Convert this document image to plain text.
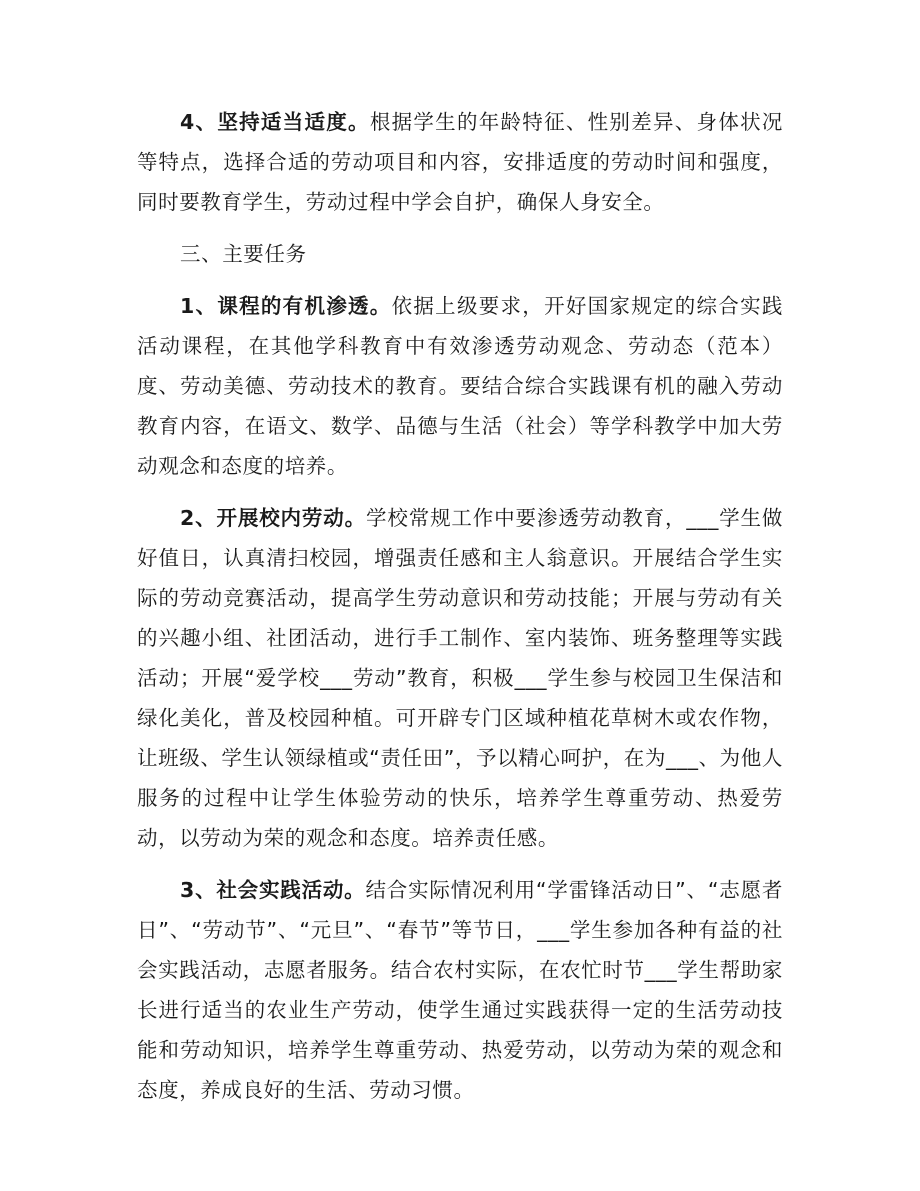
4、坚持适当适度。根据学生的年龄特征、性别差异、身体状况等特点，选择合适的劳动项目和内容，安排适度的劳动时间和强度，同时要教育学生，劳动过程中学会自护，确保人身安全。

三、主要任务

1、课程的有机渗透。依据上级要求，开好国家规定的综合实践活动课程，在其他学科教育中有效渗透劳动观念、劳动态（范本）度、劳动美德、劳动技术的教育。要结合综合实践课有机的融入劳动教育内容，在语文、数学、品德与生活（社会）等学科教学中加大劳动观念和态度的培养。

2、开展校内劳动。学校常规工作中要渗透劳动教育，___学生做好值日，认真清扫校园，增强责任感和主人翁意识。开展结合学生实际的劳动竞赛活动，提高学生劳动意识和劳动技能；开展与劳动有关的兴趣小组、社团活动，进行手工制作、室内装饰、班务整理等实践活动；开展“爱学校___劳动”教育，积极___学生参与校园卫生保洁和绿化美化，普及校园种植。可开辟专门区域种植花草树木或农作物，让班级、学生认领绿植或“责任田”，予以精心呵护，在为___、为他人服务的过程中让学生体验劳动的快乐，培养学生尊重劳动、热爱劳动，以劳动为荣的观念和态度。培养责任感。

3、社会实践活动。结合实际情况利用“学雷锋活动日”、“志愿者日”、“劳动节”、“元旦”、“春节”等节日，___学生参加各种有益的社会实践活动，志愿者服务。结合农村实际，在农忙时节___学生帮助家长进行适当的农业生产劳动，使学生通过实践获得一定的生活劳动技能和劳动知识，培养学生尊重劳动、热爱劳动，以劳动为荣的观念和态度，养成良好的生活、劳动习惯。
